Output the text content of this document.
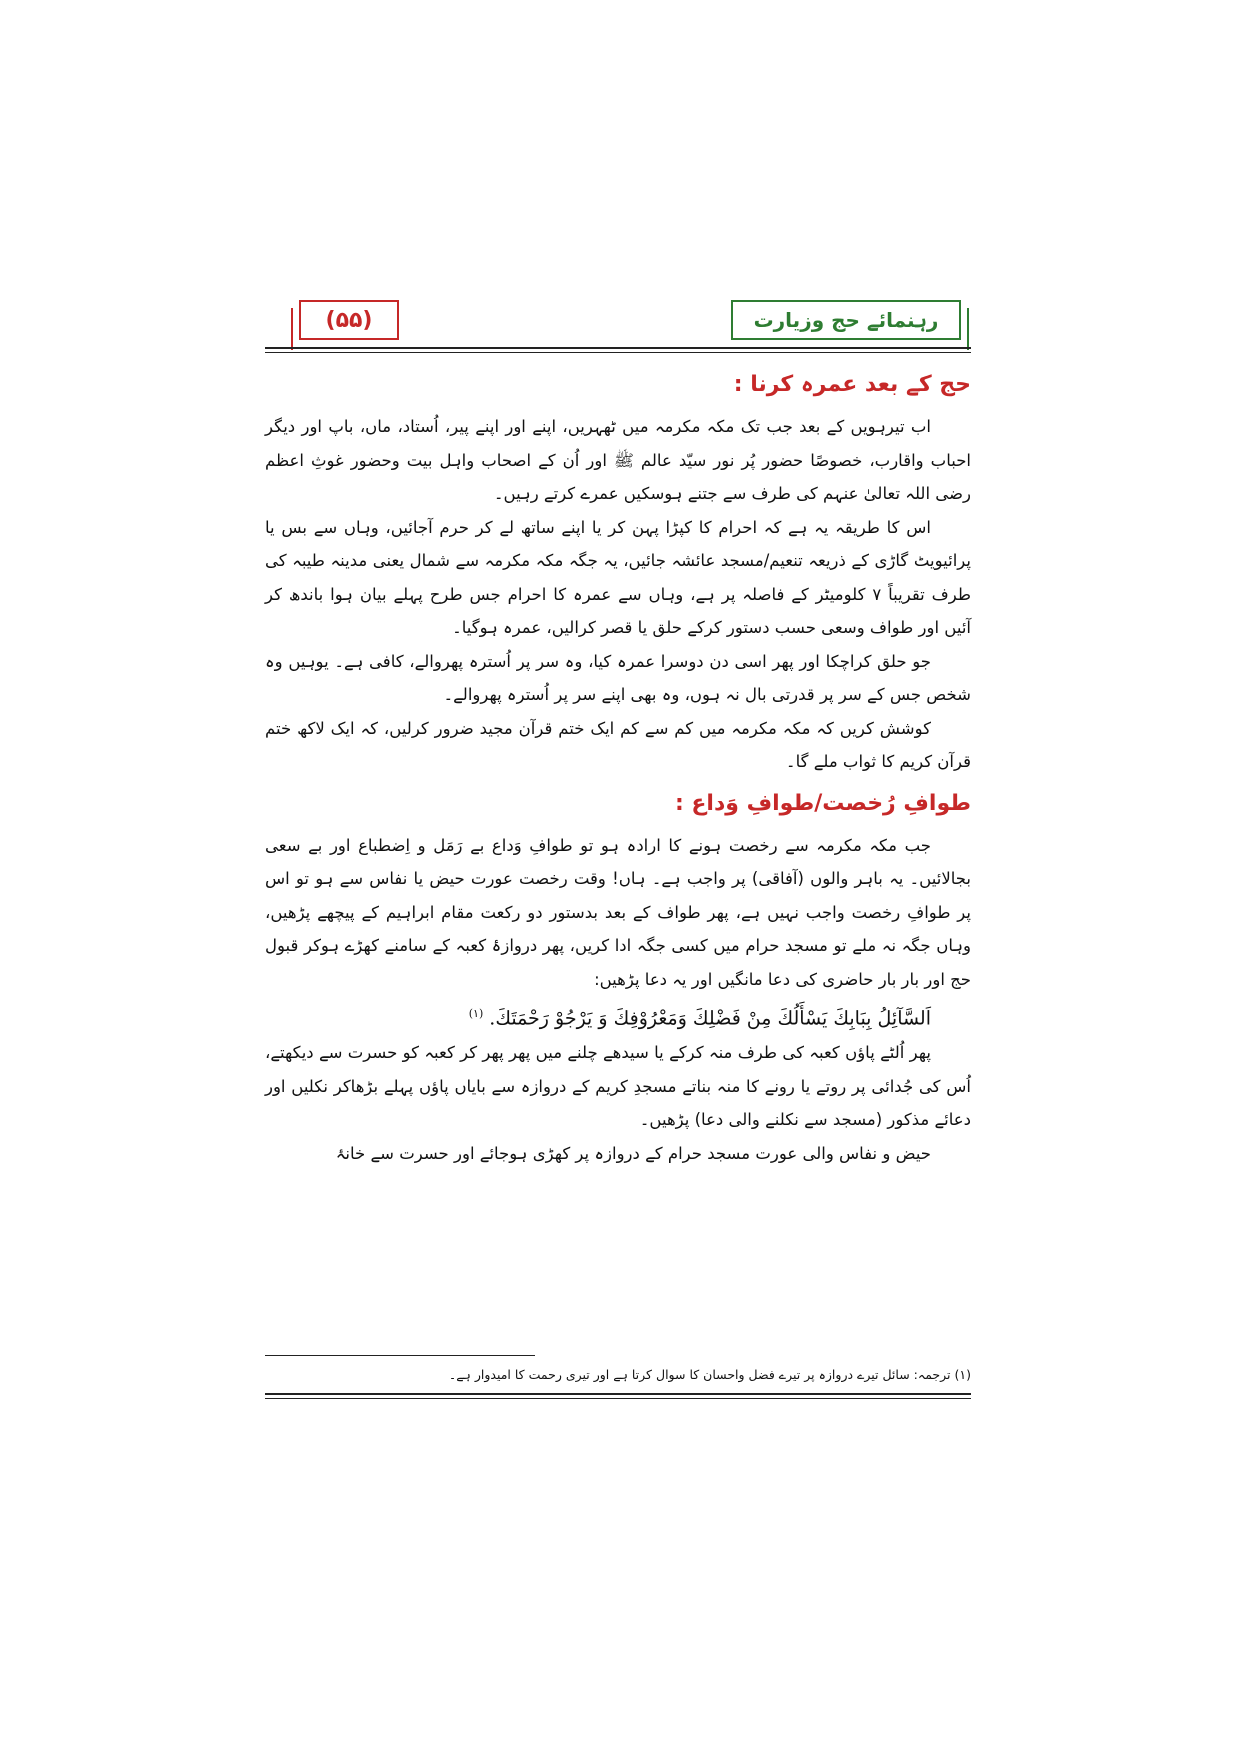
(۵۵)	رہنمائے حج وزیارت
حج کے بعد عمرہ کرنا :

اب تیرہویں کے بعد جب تک مکہ مکرمہ میں ٹھہریں، اپنے اور اپنے پیر، اُستاد، ماں، باپ اور دیگر احباب واقارب، خصوصًا حضور پُر نور سیّد عالم ﷺ اور اُن کے اصحاب واہل بیت وحضور غوثِ اعظم رضی اللہ تعالیٰ عنہم کی طرف سے جتنے ہوسکیں عمرے کرتے رہیں۔

اس کا طریقہ یہ ہے کہ احرام کا کپڑا پہن کر یا اپنے ساتھ لے کر حرم آجائیں، وہاں سے بس یا پرائیویٹ گاڑی کے ذریعہ تنعیم/مسجد عائشہ جائیں، یہ جگہ مکہ مکرمہ سے شمال یعنی مدینہ طیبہ کی طرف تقریباً ۷ کلومیٹر کے فاصلہ پر ہے، وہاں سے عمرہ کا احرام جس طرح پہلے بیان ہوا باندھ کر آئیں اور طواف وسعی حسب دستور کرکے حلق یا قصر کرالیں، عمرہ ہوگیا۔

جو حلق کراچکا اور پھر اسی دن دوسرا عمرہ کیا، وہ سر پر اُسترہ پھروالے، کافی ہے۔ یوہیں وہ شخص جس کے سر پر قدرتی بال نہ ہوں، وہ بھی اپنے سر پر اُسترہ پھروالے۔

کوشش کریں کہ مکہ مکرمہ میں کم سے کم ایک ختم قرآن مجید ضرور کرلیں، کہ ایک لاکھ ختم قرآن کریم کا ثواب ملے گا۔

طوافِ رُخصت/طوافِ وَداع :

جب مکہ مکرمہ سے رخصت ہونے کا ارادہ ہو تو طوافِ وَداع بے رَمَل و اِضطباع اور بے سعی بجالائیں۔ یہ باہر والوں (آفاقی) پر واجب ہے۔ ہاں! وقت رخصت عورت حیض یا نفاس سے ہو تو اس پر طوافِ رخصت واجب نہیں ہے، پھر طواف کے بعد بدستور دو رکعت مقام ابراہیم کے پیچھے پڑھیں، وہاں جگہ نہ ملے تو مسجد حرام میں کسی جگہ ادا کریں، پھر دروازۂ کعبہ کے سامنے کھڑے ہوکر قبول حج اور بار بار حاضری کی دعا مانگیں اور یہ دعا پڑھیں:

اَلسَّآئِلُ بِبَابِكَ يَسْأَلُكَ مِنْ فَضْلِكَ وَمَعْرُوْفِكَ وَ يَرْجُوْ رَحْمَتَكَ. $^{(۱)}$

پھر اُلٹے پاؤں کعبہ کی طرف منہ کرکے یا سیدھے چلنے میں پھر پھر کر کعبہ کو حسرت سے دیکھتے، اُس کی جُدائی پر روتے یا رونے کا منہ بناتے مسجدِ کریم کے دروازہ سے بایاں پاؤں پہلے بڑھاکر نکلیں اور دعائے مذکور (مسجد سے نکلنے والی دعا) پڑھیں۔

حیض و نفاس والی عورت مسجد حرام کے دروازہ پر کھڑی ہوجائے اور حسرت سے خانۂ

(۱) ترجمہ: سائل تیرے دروازہ پر تیرے فضل واحسان کا سوال کرتا ہے اور تیری رحمت کا امیدوار ہے۔
